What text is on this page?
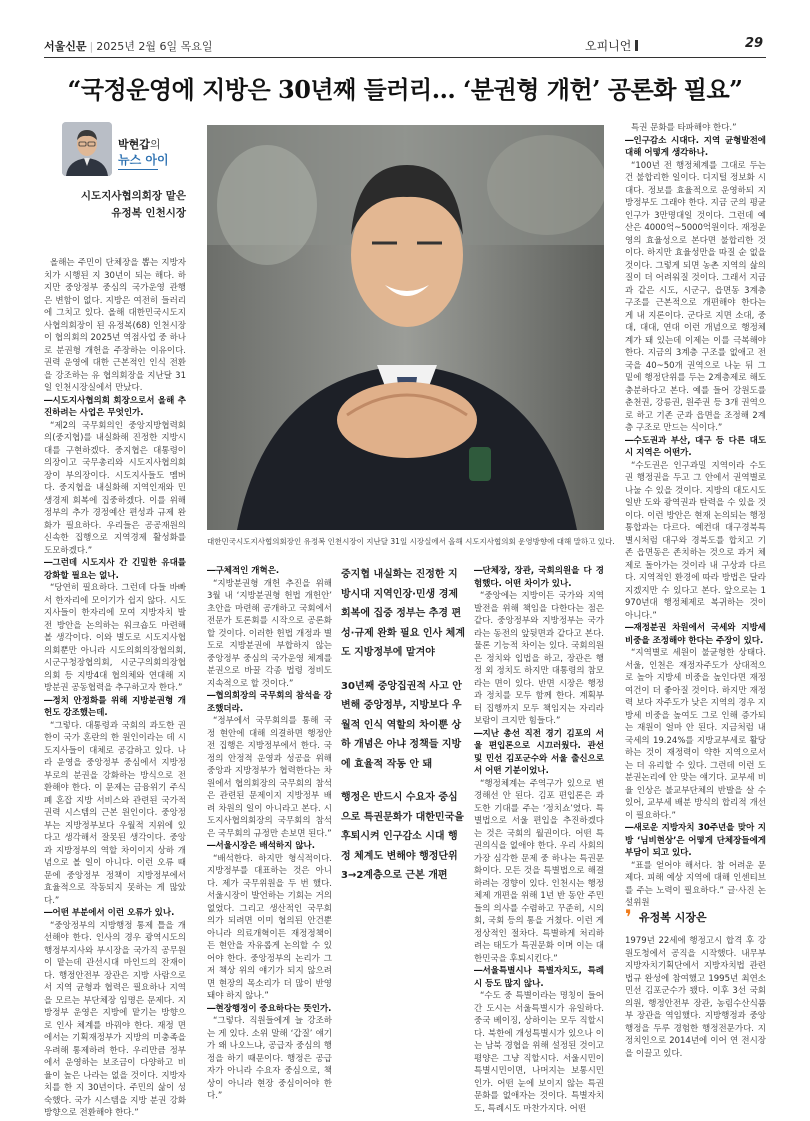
서울신문 | 2025년 2월 6일 목요일	오피니언	29
“국정운영에 지방은 30년째 들러리… ‘분권형 개헌’ 공론화 필요”
박현갑의
뉴스 아이
시도지사협의회장 맡은
유정복 인천시장
대한민국시도지사협의회장인 유정복 인천시장이 지난달 31일 시장실에서 올해 시도지사협의회 운영방향에 대해 말하고 있다.

올해는 주민이 단체장을 뽑는 지방자치가 시행된 지 30년이 되는 해다. 하지만 중앙정부 중심의 국가운영 관행은 변함이 없다. 지방은 여전히 들러리에 그치고 있다. 올해 대한민국시도지사협의회장이 된 유정복(68) 인천시장이 협의회의 2025년 역점사업 중 하나로 분권형 개헌을 주장하는 이유이다. 권력 운영에 대한 근본적인 인식 전환을 강조하는 유 협의회장을 지난달 31일 인천시장실에서 만났다.

―시도지사협의회 회장으로서 올해 추진하려는 사업은 무엇인가.

“제2의 국무회의인 중앙지방협력회의(중지협)를 내실화해 진정한 지방시대를 구현하겠다. 중지협은 대통령이 의장이고 국무총리와 시도지사협의회장이 부의장이다. 시도지사들도 멤버다. 중지협을 내실화해 지역인재와 민생경제 회복에 집중하겠다. 이를 위해 정부의 추가 경정예산 편성과 규제 완화가 필요하다. 우리들은 공공재원의 신속한 집행으로 지역경제 활성화를 도모하겠다.”

―그런데 시도지사 간 긴밀한 유대를 강화할 필요는 없나.

“당연히 필요하다. 그런데 다들 바빠서 한자리에 모이기가 쉽지 않다. 시도지사들이 한자리에 모여 지방자치 발전 방안을 논의하는 워크숍도 마련해 볼 생각이다. 이와 별도로 시도지사협의회뿐만 아니라 시도의회의장협의회, 시군구청장협의회, 시군구의회의장협의회 등 지방4대 협의체와 연대해 지방분권 공동협력을 추구하고자 한다.”

―정치 안정화를 위해 지방분권형 개헌도 강조했는데.

“그렇다. 대통령과 국회의 과도한 권한이 국가 혼란의 한 원인이라는 데 시도지사들이 대체로 공감하고 있다. 나라 운영을 중앙정부 중심에서 지방정부로의 분권을 강화하는 방식으로 전환해야 한다. 이 문제는 금융위기 주식 폐 혼잡 지방 서비스와 관련된 국가적 권력 시스템의 근본 원인이다. 중앙정부는 지방정부보다 우월적 지위에 있다고 생각해서 잘못된 생각이다. 중앙과 지방정부의 역할 차이이지 상하 개념으로 볼 일이 아니다. 이런 오류 때문에 중앙정부 정책이 지방정부에서 효율적으로 작동되지 못하는 게 많았다.”

―어떤 부분에서 이런 오류가 있나.

“중앙정부의 지방행정 통제 틀을 개선해야 한다. 인사의 경우 광역시도의 행정부지사와 부시장을 국가직 공무원이 맡는데 관선시대 마인드의 잔재이다. 행정안전부 장관은 지방 사람으로서 지역 균형과 협력은 필요하나 지역을 모르는 부단체장 임명은 문제다. 지방정부 운영은 지방에 맡기는 방향으로 인사 체계를 바꿔야 한다. 재정 면에서는 기획재정부가 지방의 미충족을 우려해 통제하려 한다. 우리만큼 정부에서 운영하는 보조금이 다양하고 비율이 높은 나라는 없을 것이다. 지방자치를 한 지 30년이다. 주민의 삶이 성숙했다. 국가 시스템을 지방 분권 강화 방향으로 전환해야 한다.”

―구체적인 개혁은.

“지방분권형 개헌 추진을 위해 3월 내 ‘지방분권형 헌법 개헌안’ 초안을 마련해 공개하고 국회에서 전문가 토론회를 시작으로 공론화할 것이다. 이러한 헌법 개정과 별도로 지방분권에 부합하지 않는 중앙정부 중심의 국가운영 체계를 분권으로 바꿀 각종 법령 정비도 지속적으로 할 것이다.”

―협의회장의 국무회의 참석을 강조했더라.

“정부에서 국무회의를 통해 국정 현안에 대해 의결하면 행정안전 집행은 지방정부에서 한다. 국정의 안정적 운영과 성공을 위해 중앙과 지방정부가 협력한다는 차원에서 협의회장의 국무회의 참석은 관련된 문제이지 지방정부 배려 차원의 일이 아니라고 본다. 시도지사협의회장의 국무회의 참석은 국무회의 규정만 손보면 된다.”

―서울시장은 배석하지 않나.

“배석한다. 하지만 형식적이다. 지방정부를 대표하는 것은 아니다. 제가 국무위원을 두 번 했다. 서울시장이 발언하는 기회는 거의 없었다. 그리고 생산적인 국무회의가 되려면 이미 협의된 안건뿐 아니라 의료개혁이든 재정정책이든 현안을 자유롭게 논의할 수 있어야 한다. 중앙정부의 논리가 그저 책상 위의 얘기가 되지 않으려면 현장의 목소리가 더 많이 반영돼야 하지 않나.”

―현장행정이 중요하다는 뜻인가.

“그렇다. 직원들에게 늘 강조하는 게 있다. 소위 말해 ‘갑질’ 얘기가 왜 나오느냐, 공급자 중심의 행정을 하기 때문이다. 행정은 공급자가 아니라 수요자 중심으로, 책상이 아니라 현장 중심이어야 한다.”

중지협 내실화는 진정한 지방시대 지역인장·민생 경제 회복에 집중 정부는 추경 편성·규제 완화 필요 인사 체계도 지방정부에 맡겨야

30년째 중앙집권적 사고 안 변해 중앙정부, 지방보다 우월적 인식 역할의 차이뿐 상하 개념은 아냐 정책들 지방에 효율적 작동 안 돼

행정은 반드시 수요자 중심으로 특권문화가 대한민국을 후퇴시켜 인구감소 시대 행정 체계도 변해야 행정단위 3→2계층으로 근본 개편

―단체장, 장관, 국회의원을 다 경험했다. 어떤 차이가 있나.

“중앙에는 지방이든 국가와 지역 발전을 위해 책임을 다한다는 점은 같다. 중앙정부와 지방정부는 국가라는 동전의 앞뒷면과 같다고 본다. 물론 기능적 차이는 있다. 국회의원은 정치와 입법을 하고, 장관은 행정 외 정치도 하지만 대통령의 참모라는 면이 있다. 반면 시장은 행정과 정치를 모두 함께 한다. 계획부터 집행까지 모두 책임지는 자리라 보람이 크지만 힘들다.”

―지난 총선 직전 경기 김포의 서울 편입론으로 시끄러웠다. 관선 및 민선 김포군수와 서울 출신으로서 어떤 기분이었나.

“행정체계는 주역구가 있으로 변경해선 안 된다. 김포 편입론은 과도한 기대를 주는 ‘정치쇼’였다. 특별법으로 서울 편입을 추진하겠다는 것은 국회의 월권이다. 어떤 특권의식을 없애야 한다. 우리 사회의 가장 심각한 문제 중 하나는 특권문화이다. 모든 것을 특별법으로 해결하려는 경향이 있다. 인천시는 행정체제 개편을 위해 1년 반 동안 주민들의 의사를 수렴하고 꾸준히, 시의회, 국회 등의 통을 거쳤다. 이런 게 정상적인 절차다. 특별하게 처리하려는 태도가 특권문화 이며 이는 대한민국을 후퇴시킨다.”

―서울특별시나 특별자치도, 특례시 등도 많지 않나.

“수도 중 특별이라는 명칭이 들어간 도시는 서울특별시가 유일하다. 중국 베이징, 상하이는 모두 직할시다. 북한에 개성특별시가 있으나 이는 남북 경협을 위해 설정된 것이고 평양은 그냥 직할시다. 서울시민이 특별시민이면, 나머지는 보통시민인가. 어떤 눈에 보이지 않는 특권 문화를 없애자는 것이다. 특별자치도, 특례시도 마찬가지다. 어떤

특권 문화를 타파해야 한다.”

―인구감소 시대다. 지역 균형발전에 대해 어떻게 생각하나.

“100년 전 행정체계를 그대로 두는 건 불합리한 일이다. 디지털 정보화 시대다. 정보를 효율적으로 운영하되 지방정부도 그래야 한다. 지금 군의 평균인구가 3만명대일 것이다. 그런데 예산은 4000억~5000억원이다. 재정운영의 효율성으로 본다면 불합리한 것이다. 하지만 효율성만을 따질 순 없을 것이다. 그렇게 되면 농촌 지역의 삶의 질이 더 어려워질 것이다. 그래서 지금과 같은 시도, 시군구, 읍면동 3계층 구조를 근본적으로 개편해야 한다는 게 내 지론이다. 군다로 지면 소대, 중대, 대대, 연대 이런 개념으로 행정체계가 돼 있는데 이제는 이를 극복해야 한다. 지금의 3계층 구조를 없애고 전국을 40~50개 권역으로 나눈 뒤 그 밑에 행정단위를 두는 2계층제로 해도 충분하다고 본다. 예를 들어 강원도를 춘천권, 강릉권, 원주권 등 3개 권역으로 하고 기존 군과 읍면을 조정해 2계층 구조로 만드는 식이다.”

―수도권과 부산, 대구 등 다른 대도시 지역은 어떤가.

“수도권은 인구과밀 지역이라 수도권 행정권을 두고 그 안에서 권역별로 나눌 수 있을 것이다. 지방의 대도시도 일반 도와 광역권과 탄력을 수 있을 것이다. 이런 방안은 현재 논의되는 행정통합과는 다르다. 예컨대 대구경북특별시처럼 대구와 경북도를 합치고 기존 읍면동은 존치하는 것으로 과거 체제로 돌아가는 것이라 내 구상과 다르다. 지역적인 환경에 따라 방법은 달라지겠지만 수 있다고 본다. 앞으로는 1970년대 행정체제로 복귀하는 것이 아니다.”

―재정분권 차원에서 국세와 지방세 비중을 조정해야 한다는 주장이 있다.

“지역별로 세원이 불균형한 상태다. 서울, 인천은 재정자주도가 상대적으로 높아 지방세 비중을 높인다면 재정 여건이 더 좋아질 것이다. 하지만 재정력 보다 자주도가 낮은 지역의 경우 지방세 비중을 높여도 그로 인해 증가되는 재원이 얼마 안 된다. 지금처럼 내국세의 19.24%를 지방교부세로 활당하는 것이 재정력이 약한 지역으로서는 더 유리할 수 있다. 그런데 이런 도 분권논리에 안 맞는 얘기다. 교부세 비율 인상은 불교부단체의 반발을 살 수 있어, 교부세 배분 방식의 합리적 개선이 필요하다.”

―새로운 지방자치 30주년을 맞아 지방 ‘님비현상’은 어떻게 단체장들에게 부담이 되고 있다.

“표를 얻어야 해서다. 참 어려운 문제다. 피해 예상 지역에 대해 인센티브를 주는 노력이 필요하다.” 글·사진 논설위원

❜ 유정복 시장은
1979년 22세에 행정고시 합격 후 강원도청에서 공직을 시작했다. 내무부 지방자치기획단에서 지방자치법 관련 법규 완성에 참여했고 1995년 최연소 민선 김포군수가 됐다. 이후 3선 국회의원, 행정안전부 장관, 농림수산식품부 장관을 역임했다. 지방행정과 중앙행정을 두루 경험한 행정전문가다. 지 정치인으로 2014년에 이어 연 전시장을 이끌고 있다.
